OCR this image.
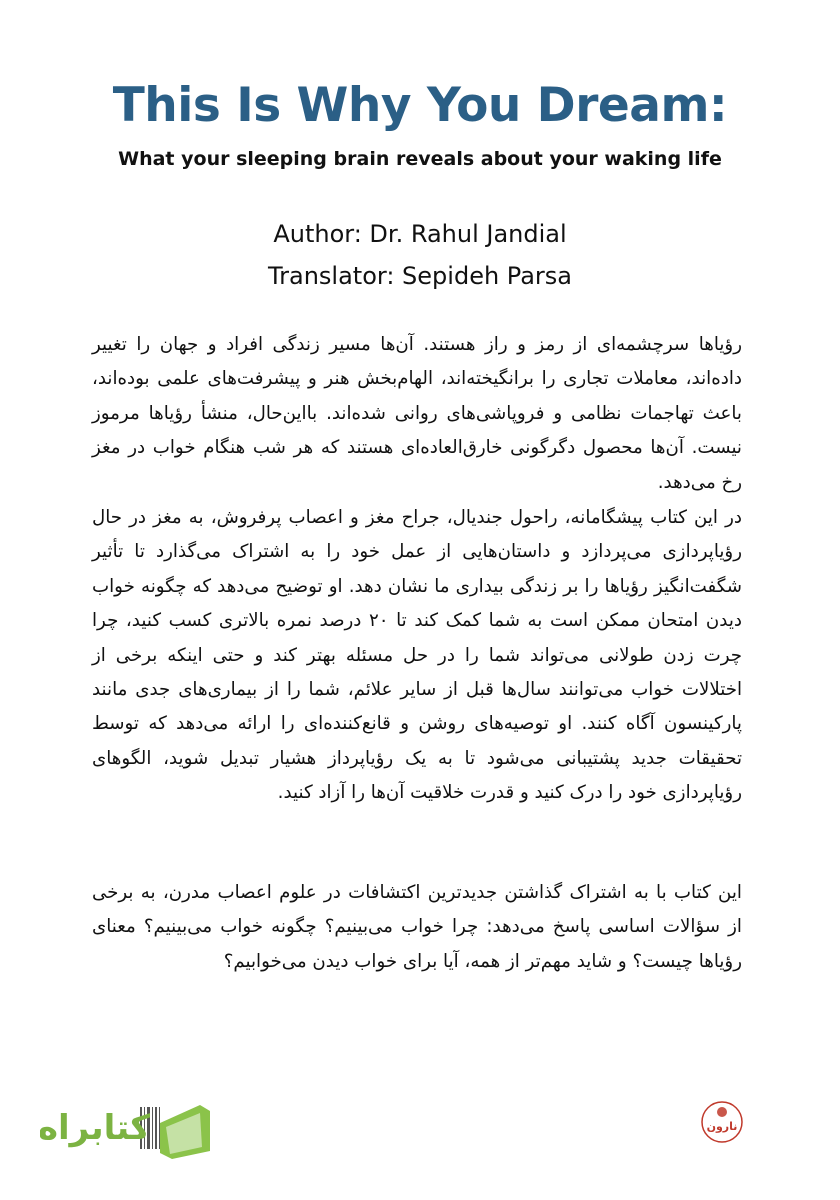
This Is Why You Dream:
What your sleeping brain reveals about your waking life
Author: Dr. Rahul Jandial
Translator: Sepideh Parsa
رؤیاها سرچشمه‌ای از رمز و راز هستند. آن‌ها مسیر زندگی افراد و جهان را تغییر داده‌اند، معاملات تجاری را برانگیخته‌اند، الهام‌بخش هنر و پیشرفت‌های علمی بوده‌اند، باعث تهاجمات نظامی و فروپاشی‌های روانی شده‌اند. بااین‌حال، منشأ رؤیاها مرموز نیست. آن‌ها محصول دگرگونی خارق‌العاده‌ای هستند که هر شب هنگام خواب در مغز رخ می‌دهد.
در این کتاب پیشگامانه، راحول جندیال، جراح مغز و اعصاب پرفروش، به مغز در حال رؤیاپردازی می‌پردازد و داستان‌هایی از عمل خود را به اشتراک می‌گذارد تا تأثیر شگفت‌انگیز رؤیاها را بر زندگی بیداری ما نشان دهد. او توضیح می‌دهد که چگونه خواب دیدن امتحان ممکن است به شما کمک کند تا ۲۰ درصد نمره بالاتری کسب کنید، چرا چرت زدن طولانی می‌تواند شما را در حل مسئله بهتر کند و حتی اینکه برخی از اختلالات خواب می‌توانند سال‌ها قبل از سایر علائم، شما را از بیماری‌های جدی مانند پارکینسون آگاه کنند. او توصیه‌های روشن و قانع‌کننده‌ای را ارائه می‌دهد که توسط تحقیقات جدید پشتیبانی می‌شود تا به یک رؤیاپرداز هشیار تبدیل شوید، الگوهای رؤیاپردازی خود را درک کنید و قدرت خلاقیت آن‌ها را آزاد کنید.
این کتاب با به اشتراک گذاشتن جدیدترین اکتشافات در علوم اعصاب مدرن، به برخی از سؤالات اساسی پاسخ می‌دهد: چرا خواب می‌بینیم؟ چگونه خواب می‌بینیم؟ معنای رؤیاها چیست؟ و شاید مهم‌تر از همه، آیا برای خواب دیدن می‌خوابیم؟
کتابراه	نارون
